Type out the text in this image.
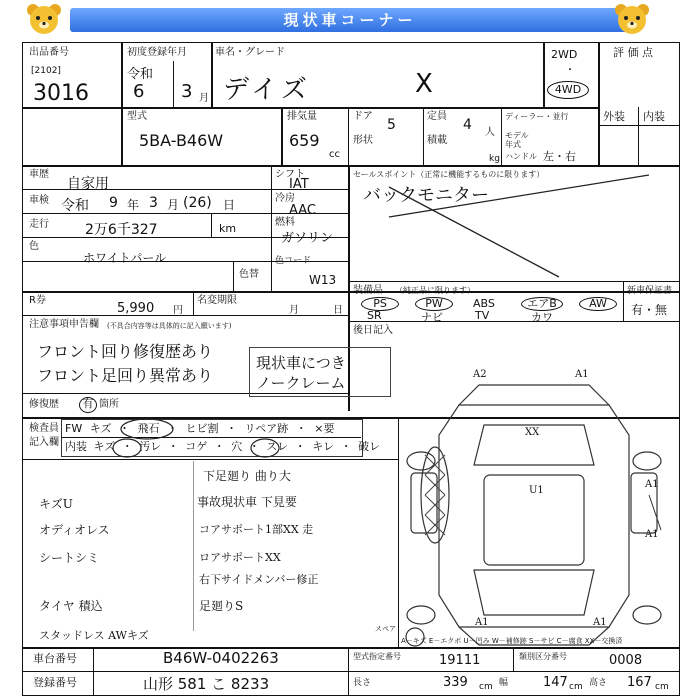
現状車コーナー
出品番号
[2102]
3016
初度登録年月
令和
6 3 月
車名・グレード
デイズ	X
2WD
・
4WD
評 価 点
型式
5BA-B46W
排気量
659
cc
ドア
5
形状
定員
4 人
積載
kg
ディーラー・並行
モデル年式
ハンドル 左・右
外装 内装
車歴
自家用
車検 令和 9 年 3 月 (26) 日
走行	2万6千327	km
色
ホワイトパール
色替
シフト
IAT
冷房
AAC
燃料
ガソリン
色コード
W13
セールスポイント（正常に機能するものに限ります）
バックモニター
R券
5,990 円
名変期限
月	日
装備品 （純正品に限ります）
PS	PW	ABS	エアB	AW
SR	ナビ	TV	カワ
新車保証書
有・無
注意事項申告欄 (不具合内容等は具体的に記入願います)
フロント回り修復歴あり
フロント足回り異常あり
現状車につき
ノークレーム
後日記入
修復歴	有 箇所
検査員
記入欄
FW キズ ・ 飛石 ・ ヒビ割 ・ リペア跡 ・ ×要
内装 キズ ・ 汚レ ・ コゲ ・ 穴 ・ スレ ・ キレ ・ 破レ
下足廻り 曲り大
キズU	事故現状車 下見要
オディオレス	コアサポート1部XX 走
シートシミ	ロアサポートXX
右下サイドメンバー修正
タイヤ 積込	足廻りS
スタッドレス AWキズ
A2	A1
XX
U1
A1
A1
A1	A1
スペア
A－キズ E－エクボ U－凹み W－補修跡 S－サビ C－腐食 XX－交換済
車台番号	B46W-0402263
登録番号	山形 581 こ 8233
型式指定番号	19111	類別区分番号	0008
長さ	339 cm 幅	147 cm 高さ 167 cm
